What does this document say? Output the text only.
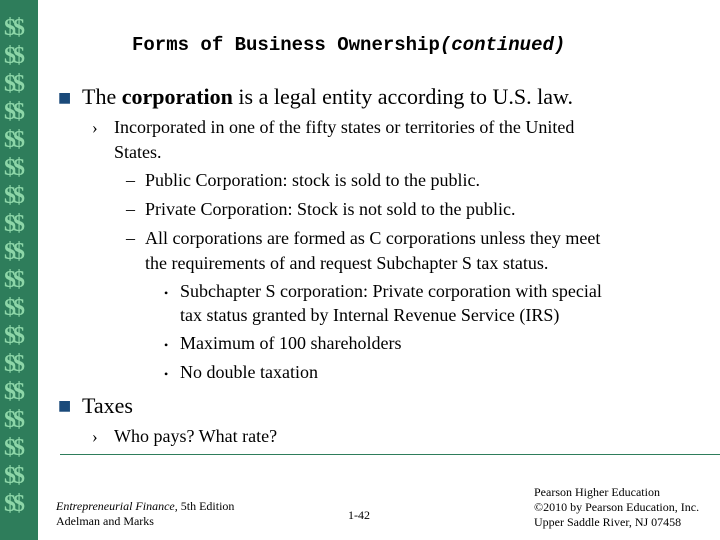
$$
$$
$$
$$
$$
$$
$$
$$
$$
$$
$$
$$
$$
$$
$$
$$
$$
$$
Forms of Business Ownership(continued)
■ The corporation is a legal entity according to U.S. law.
› Incorporated in one of the fifty states or territories of the United
States.
– Public Corporation: stock is sold to the public.
– Private Corporation: Stock is not sold to the public.
– All corporations are formed as C corporations unless they meet
the requirements of and request Subchapter S tax status.
• Subchapter S corporation: Private corporation with special
tax status granted by Internal Revenue Service (IRS)
• Maximum of 100 shareholders
• No double taxation
■ Taxes
› Who pays? What rate?
Entrepreneurial Finance, 5th Edition
Adelman and Marks	1-42
Pearson Higher Education
©2010 by Pearson Education, Inc.
Upper Saddle River, NJ 07458
